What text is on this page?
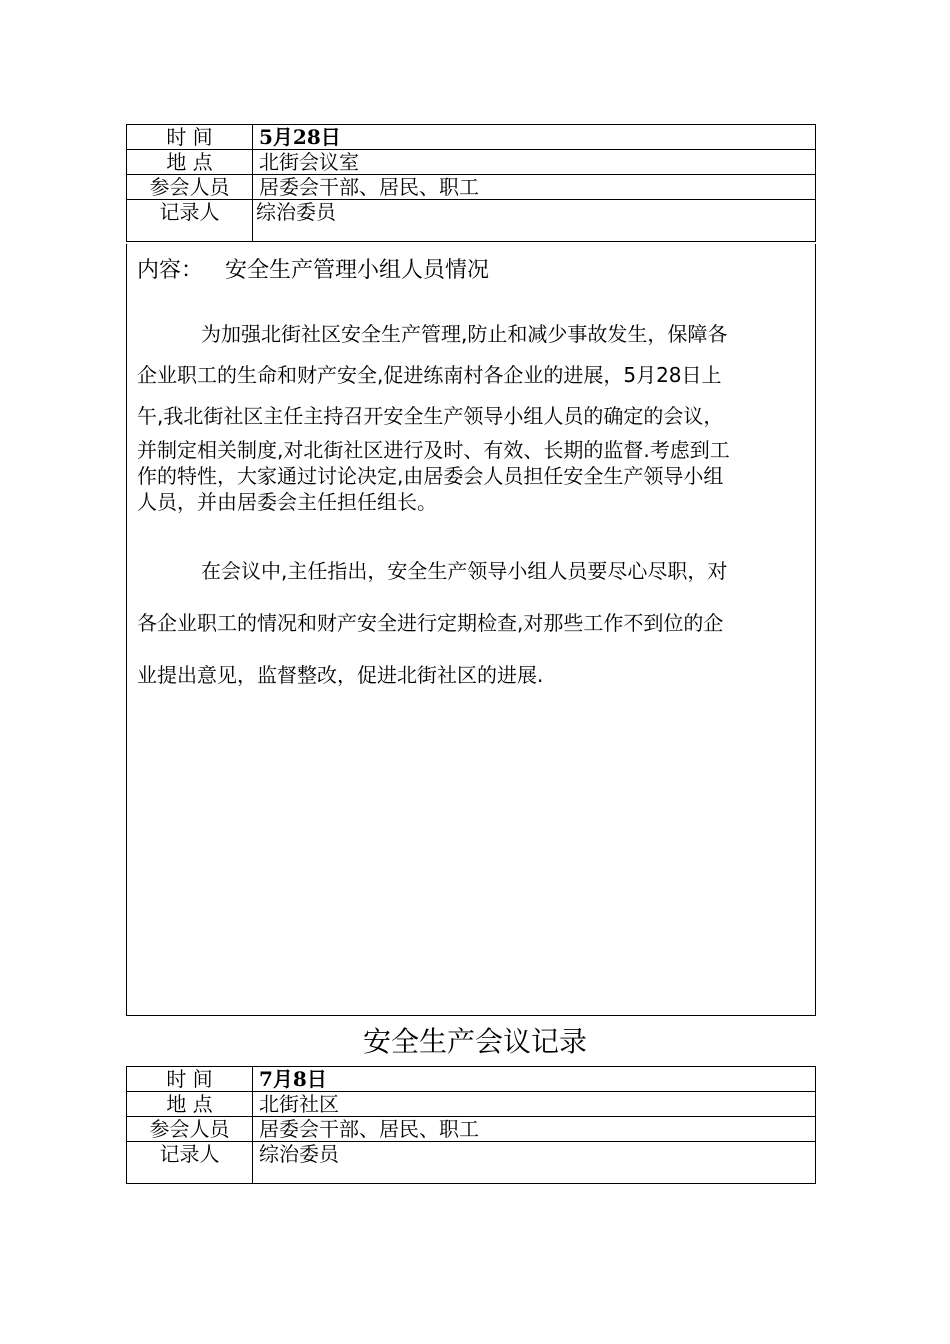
时 间	5月28日
地 点	北街会议室
参会人员	居委会干部、居民、职工
记录人 综治委员	

内容： 安全生产管理小组人员情况
为加强北街社区安全生产管理,防止和减少事故发生，保障各
企业职工的生命和财产安全,促进练南村各企业的进展，5月28日上
午,我北街社区主任主持召开安全生产领导小组人员的确定的会议，
并制定相关制度,对北街社区进行及时、有效、长期的监督.考虑到工
作的特性，大家通过讨论决定,由居委会人员担任安全生产领导小组
人员，并由居委会主任担任组长。
在会议中,主任指出，安全生产领导小组人员要尽心尽职，对
各企业职工的情况和财产安全进行定期检查,对那些工作不到位的企
业提出意见，监督整改，促进北街社区的进展.
安全生产会议记录
时 间	7月8日
地 点	北街社区
参会人员	居委会干部、居民、职工
记录人	综治委员
